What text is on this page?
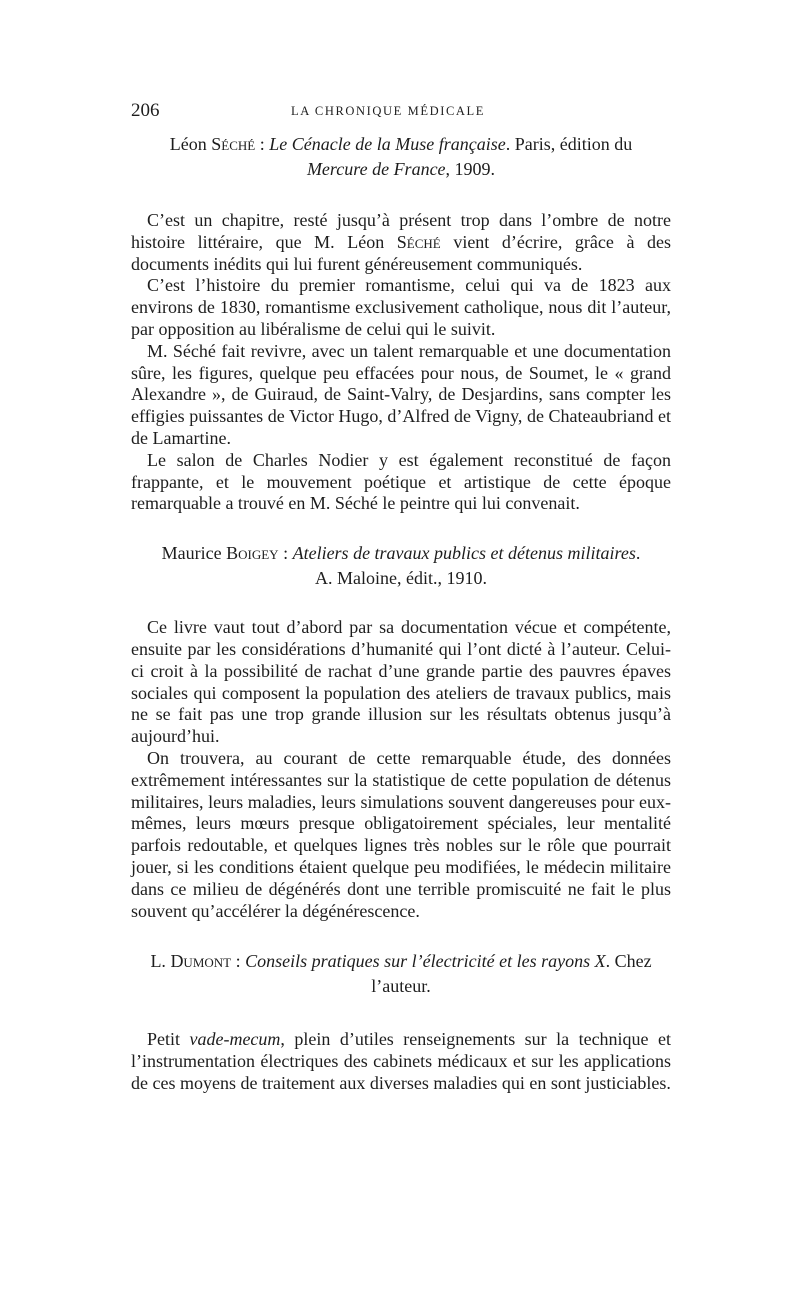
206	LA CHRONIQUE MÉDICALE
Léon Séché : Le Cénacle de la Muse française. Paris, édition du
Mercure de France, 1909.

C’est un chapitre, resté jusqu’à présent trop dans l’ombre de notre histoire littéraire, que M. Léon Séché vient d’écrire, grâce à des documents inédits qui lui furent généreusement communiqués.

C’est l’histoire du premier romantisme, celui qui va de 1823 aux environs de 1830, romantisme exclusivement catholique, nous dit l’auteur, par opposition au libéralisme de celui qui le suivit.

M. Séché fait revivre, avec un talent remarquable et une documentation sûre, les figures, quelque peu effacées pour nous, de Soumet, le « grand Alexandre », de Guiraud, de Saint-Valry, de Desjardins, sans compter les effigies puissantes de Victor Hugo, d’Alfred de Vigny, de Chateaubriand et de Lamartine.

Le salon de Charles Nodier y est également reconstitué de façon frappante, et le mouvement poétique et artistique de cette époque remarquable a trouvé en M. Séché le peintre qui lui convenait.

Maurice Boigey : Ateliers de travaux publics et détenus militaires.
A. Maloine, édit., 1910.

Ce livre vaut tout d’abord par sa documentation vécue et compétente, ensuite par les considérations d’humanité qui l’ont dicté à l’auteur. Celui-ci croit à la possibilité de rachat d’une grande partie des pauvres épaves sociales qui composent la population des ateliers de travaux publics, mais ne se fait pas une trop grande illusion sur les résultats obtenus jusqu’à aujourd’hui.

On trouvera, au courant de cette remarquable étude, des données extrêmement intéressantes sur la statistique de cette population de détenus militaires, leurs maladies, leurs simulations souvent dangereuses pour eux-mêmes, leurs mœurs presque obligatoirement spéciales, leur mentalité parfois redoutable, et quelques lignes très nobles sur le rôle que pourrait jouer, si les conditions étaient quelque peu modifiées, le médecin militaire dans ce milieu de dégénérés dont une terrible promiscuité ne fait le plus souvent qu’accélérer la dégénérescence.

L. Dumont : Conseils pratiques sur l’électricité et les rayons X. Chez l’auteur.

Petit vade-mecum, plein d’utiles renseignements sur la technique et l’instrumentation électriques des cabinets médicaux et sur les applications de ces moyens de traitement aux diverses maladies qui en sont justiciables.
